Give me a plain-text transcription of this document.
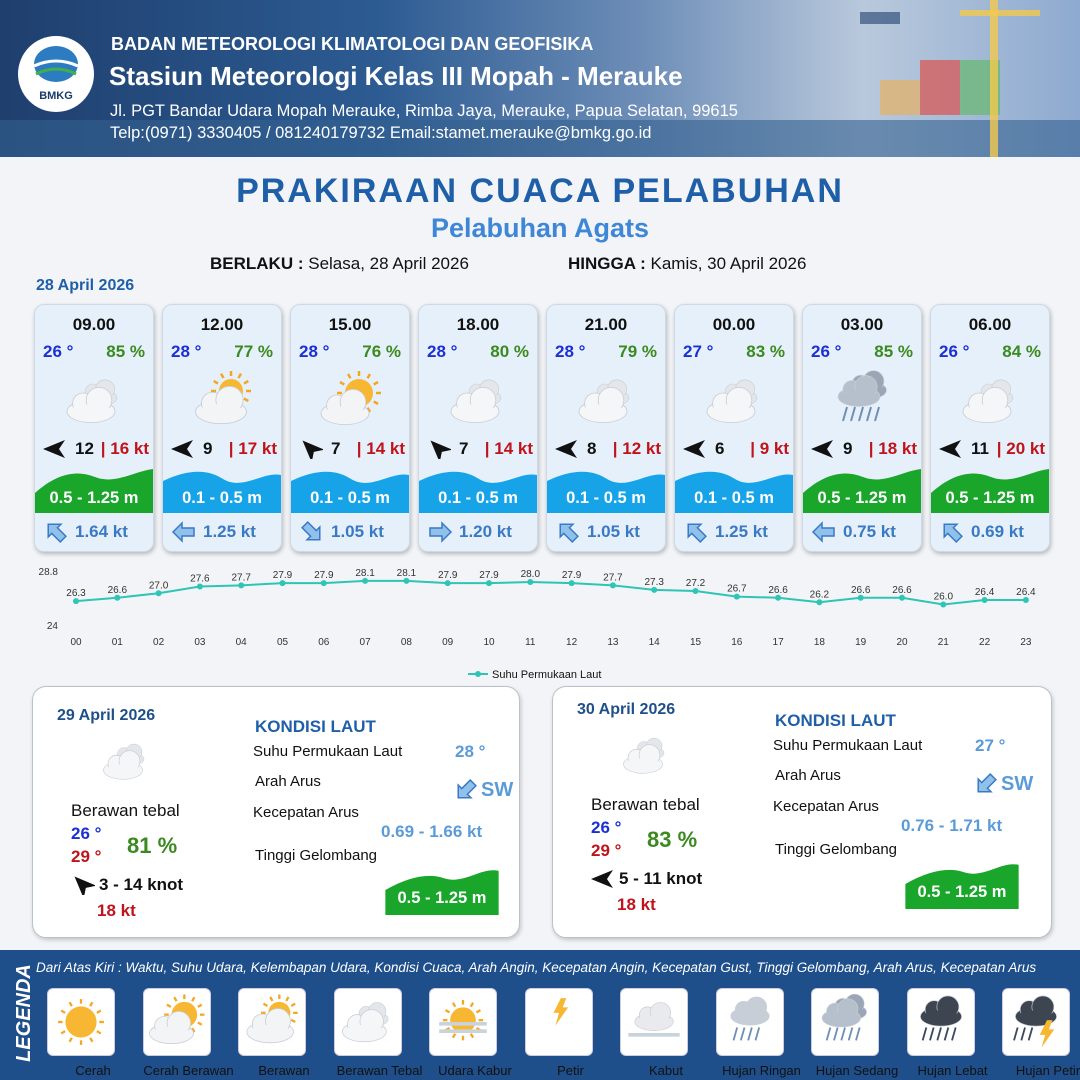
BMKG
BADAN METEOROLOGI KLIMATOLOGI DAN GEOFISIKA
Stasiun Meteorologi Kelas III Mopah - Merauke
Jl. PGT Bandar Udara Mopah Merauke, Rimba Jaya, Merauke, Papua Selatan, 99615
Telp:(0971) 3330405 / 081240179732 Email:stamet.merauke@bmkg.go.id
PRAKIRAAN CUACA PELABUHAN
Pelabuhan Agats
BERLAKU : Selasa, 28 April 2026	HINGGA : Kamis, 30 April 2026
28 April 2026
09.00
26 ° 85 %
12 | 16 kt
0.5 - 1.25 m
1.64 kt
12.00
28 ° 77 %
9 | 17 kt
0.1 - 0.5 m
1.25 kt
15.00
28 ° 76 %
7 | 14 kt
0.1 - 0.5 m
1.05 kt
18.00
28 ° 80 %
7 | 14 kt
0.1 - 0.5 m
1.20 kt
21.00
28 ° 79 %
8 | 12 kt
0.1 - 0.5 m
1.05 kt
00.00
27 ° 83 %
6 | 9 kt
0.1 - 0.5 m
1.25 kt
03.00
26 ° 85 %
9 | 18 kt
0.5 - 1.25 m
0.75 kt
06.00
26 ° 84 %
11 | 20 kt
0.5 - 1.25 m
0.69 kt
28.8
24
26.3
00
26.6
01
27.0
02
27.6
03
27.7
04
27.9
05
27.9
06
28.1
07
28.1
08
27.9
09
27.9
10
28.0
11
27.9
12
27.7
13
27.3
14
27.2
15
26.7
16
26.6
17
26.2
18
26.6
19
26.6
20
26.0
21
26.4
22
26.4
23
Suhu Permukaan Laut
29 April 2026
Berawan tebal
26 °
29 ° 81 %
3 - 14 knot
18 kt
KONDISI LAUT
Suhu Permukaan Laut	28 °
Arah Arus	SW
Kecepatan Arus
0.69 - 1.66 kt
Tinggi Gelombang
0.5 - 1.25 m
30 April 2026
Berawan tebal
26 °
29 ° 83 %
5 - 11 knot
18 kt
KONDISI LAUT
Suhu Permukaan Laut	27 °
Arah Arus	SW
Kecepatan Arus
0.76 - 1.71 kt
Tinggi Gelombang
0.5 - 1.25 m
LEGENDA Dari Atas Kiri : Waktu, Suhu Udara, Kelembapan Udara, Kondisi Cuaca, Arah Angin, Kecepatan Angin, Kecepatan Gust, Tinggi Gelombang, Arah Arus, Kecepatan Arus
Cerah	Cerah Berawan	Berawan	Berawan Tebal	Udara Kabur	Petir	Kabut	Hujan Ringan	Hujan Sedang	Hujan Lebat	Hujan Petir
